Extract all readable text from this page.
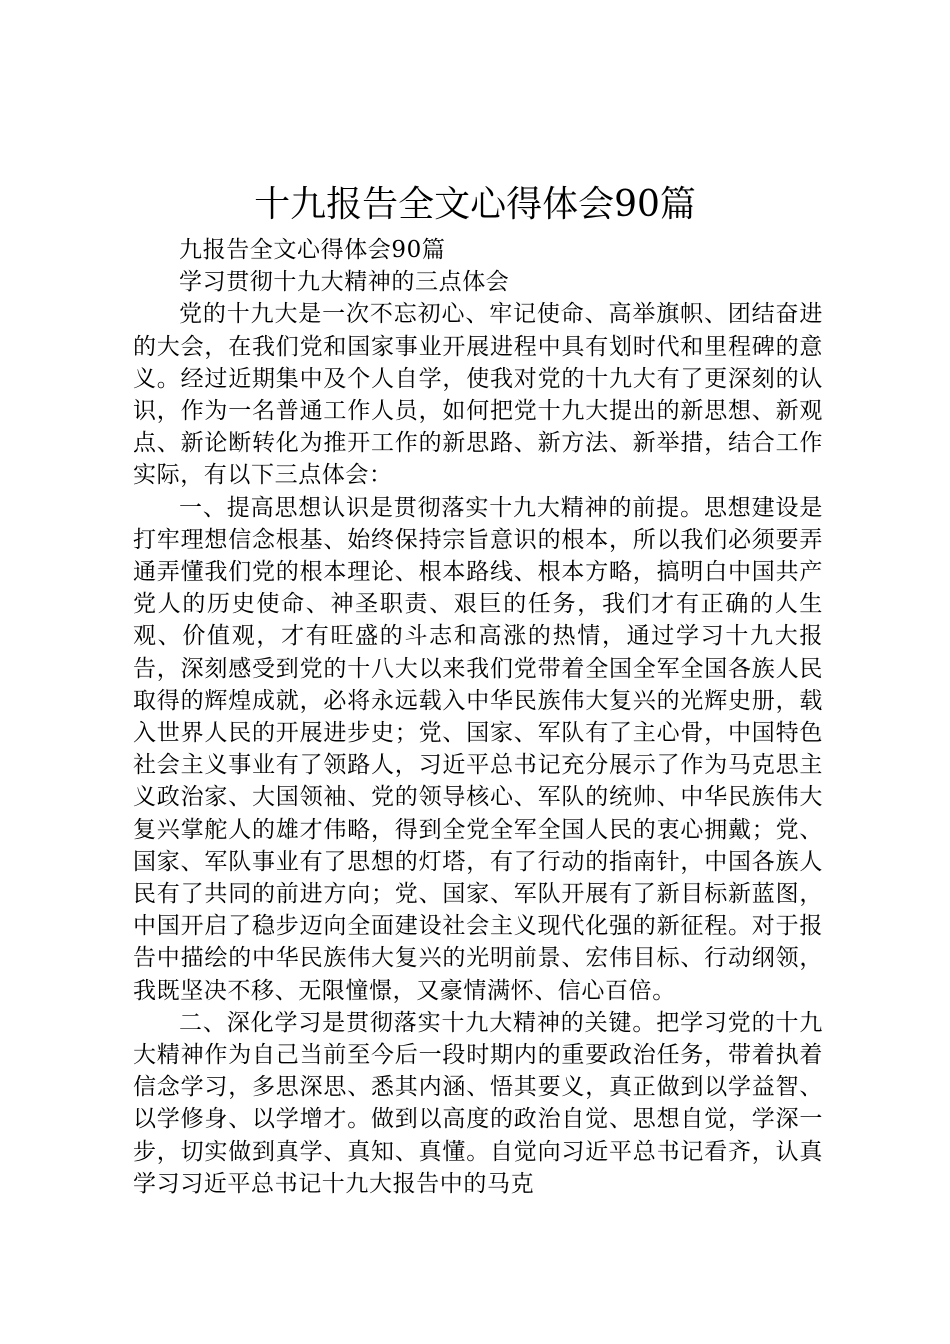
十九报告全文心得体会90篇

九报告全文心得体会90篇

学习贯彻十九大精神的三点体会

党的十九大是一次不忘初心、牢记使命、高举旗帜、团结奋进的大会，在我们党和国家事业开展进程中具有划时代和里程碑的意义。经过近期集中及个人自学，使我对党的十九大有了更深刻的认识，作为一名普通工作人员，如何把党十九大提出的新思想、新观点、新论断转化为推开工作的新思路、新方法、新举措，结合工作实际，有以下三点体会：

一、提高思想认识是贯彻落实十九大精神的前提。思想建设是打牢理想信念根基、始终保持宗旨意识的根本，所以我们必须要弄通弄懂我们党的根本理论、根本路线、根本方略，搞明白中国共产党人的历史使命、神圣职责、艰巨的任务，我们才有正确的人生观、价值观，才有旺盛的斗志和高涨的热情，通过学习十九大报告，深刻感受到党的十八大以来我们党带着全国全军全国各族人民取得的辉煌成就，必将永远载入中华民族伟大复兴的光辉史册，载入世界人民的开展进步史；党、国家、军队有了主心骨，中国特色社会主义事业有了领路人，习近平总书记充分展示了作为马克思主义政治家、大国领袖、党的领导核心、军队的统帅、中华民族伟大复兴掌舵人的雄才伟略，得到全党全军全国人民的衷心拥戴；党、国家、军队事业有了思想的灯塔，有了行动的指南针，中国各族人民有了共同的前进方向；党、国家、军队开展有了新目标新蓝图，中国开启了稳步迈向全面建设社会主义现代化强的新征程。对于报告中描绘的中华民族伟大复兴的光明前景、宏伟目标、行动纲领，我既坚决不移、无限憧憬，又豪情满怀、信心百倍。

二、深化学习是贯彻落实十九大精神的关键。把学习党的十九大精神作为自己当前至今后一段时期内的重要政治任务，带着执着信念学习，多思深思、悉其内涵、悟其要义，真正做到以学益智、以学修身、以学增才。做到以高度的政治自觉、思想自觉，学深一步，切实做到真学、真知、真懂。自觉向习近平总书记看齐，认真学习习近平总书记十九大报告中的马克
